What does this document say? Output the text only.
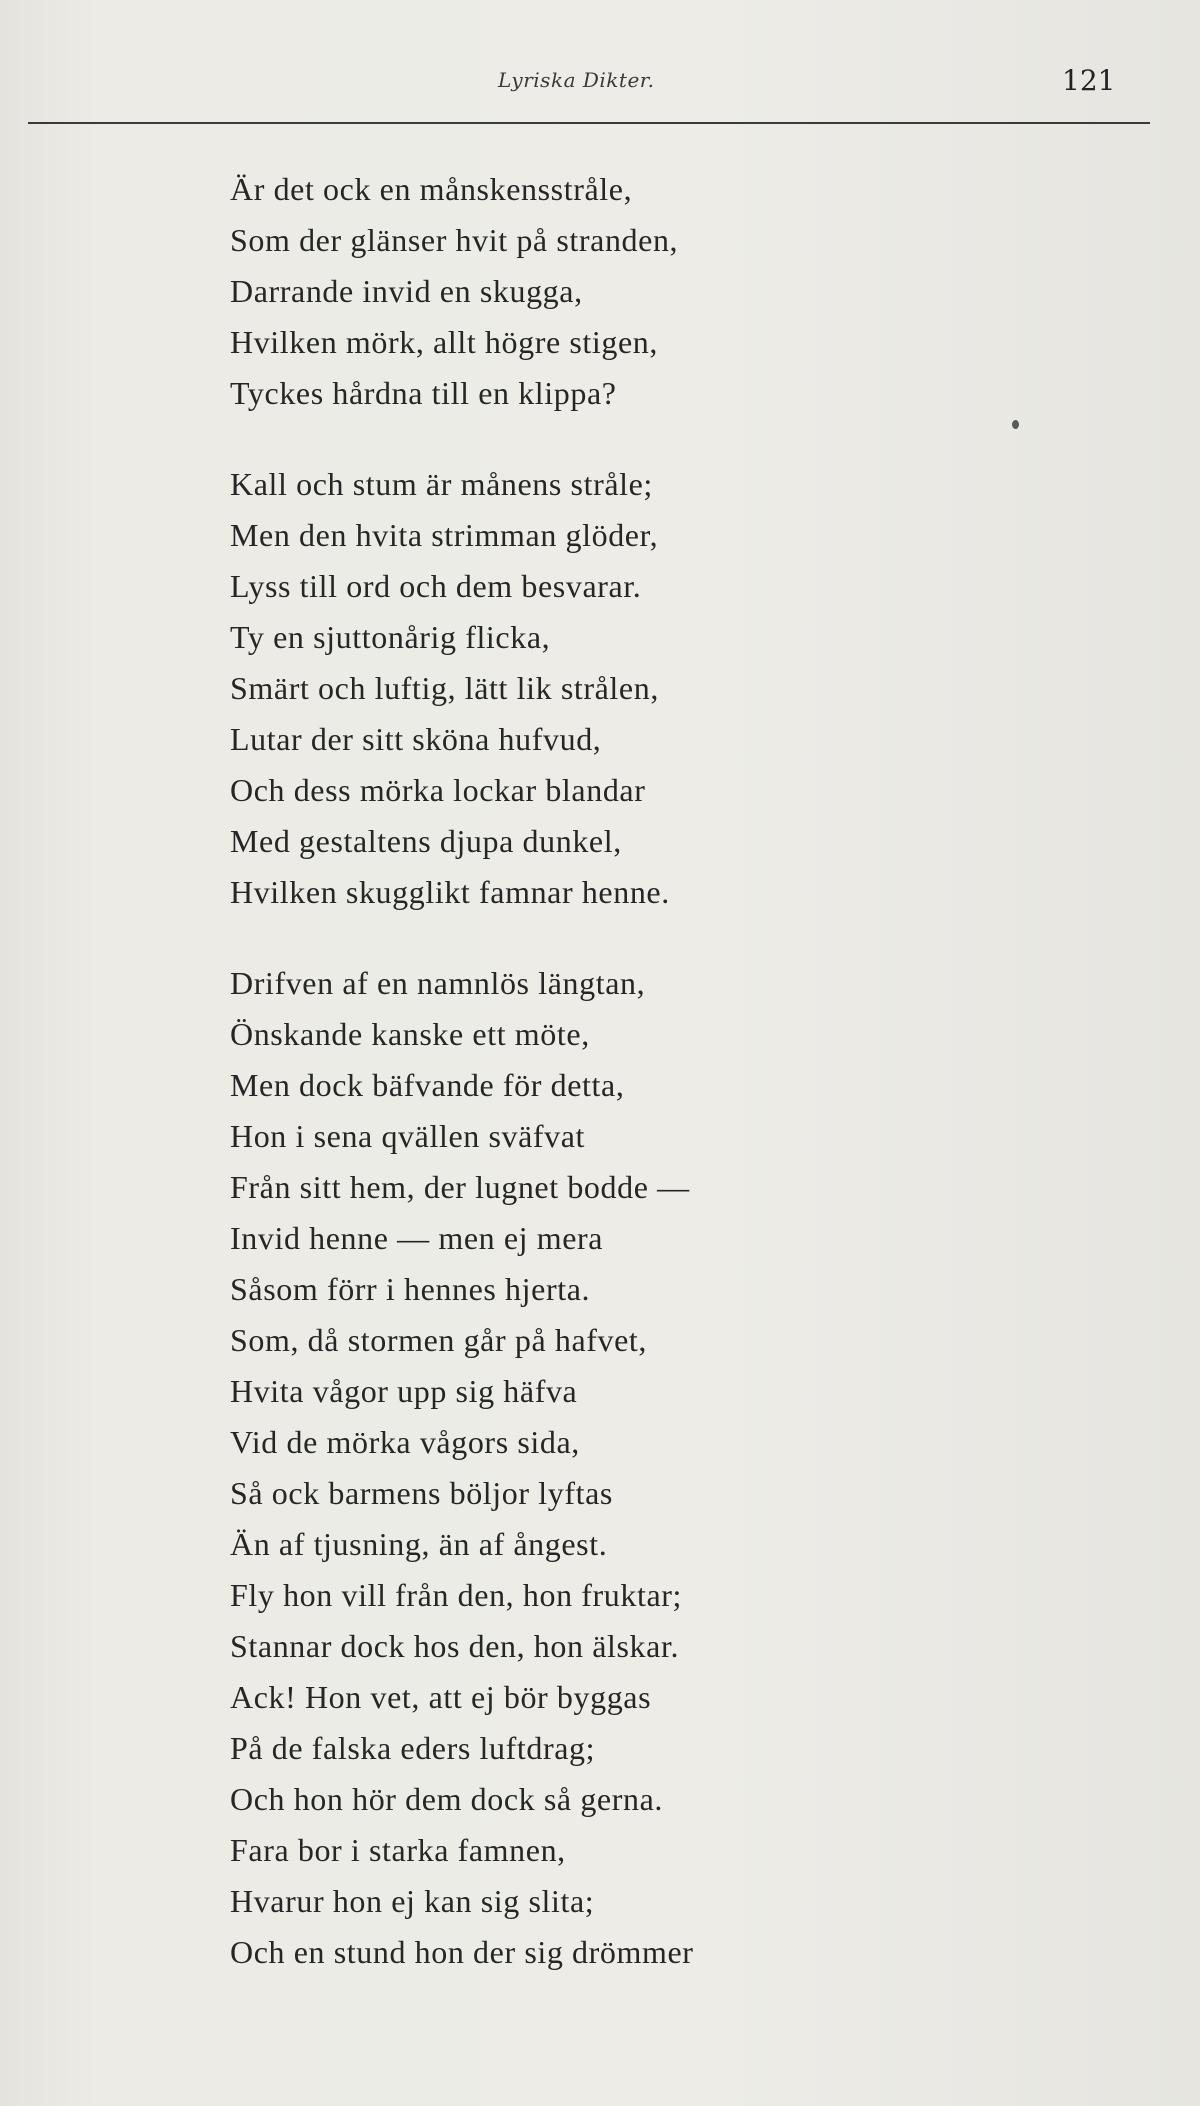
Lyriska Dikter.	121
Är det ock en månskensstråle,
Som der glänser hvit på stranden,
Darrande invid en skugga,
Hvilken mörk, allt högre stigen,
Tyckes hårdna till en klippa?
Kall och stum är månens stråle;
Men den hvita strimman glöder,
Lyss till ord och dem besvarar.
Ty en sjuttonårig flicka,
Smärt och luftig, lätt lik strålen,
Lutar der sitt sköna hufvud,
Och dess mörka lockar blandar
Med gestaltens djupa dunkel,
Hvilken skugglikt famnar henne.
Drifven af en namnlös längtan,
Önskande kanske ett möte,
Men dock bäfvande för detta,
Hon i sena qvällen sväfvat
Från sitt hem, der lugnet bodde —
Invid henne — men ej mera
Såsom förr i hennes hjerta.
Som, då stormen går på hafvet,
Hvita vågor upp sig häfva
Vid de mörka vågors sida,
Så ock barmens böljor lyftas
Än af tjusning, än af ångest.
Fly hon vill från den, hon fruktar;
Stannar dock hos den, hon älskar.
Ack! Hon vet, att ej bör byggas
På de falska eders luftdrag;
Och hon hör dem dock så gerna.
Fara bor i starka famnen,
Hvarur hon ej kan sig slita;
Och en stund hon der sig drömmer
